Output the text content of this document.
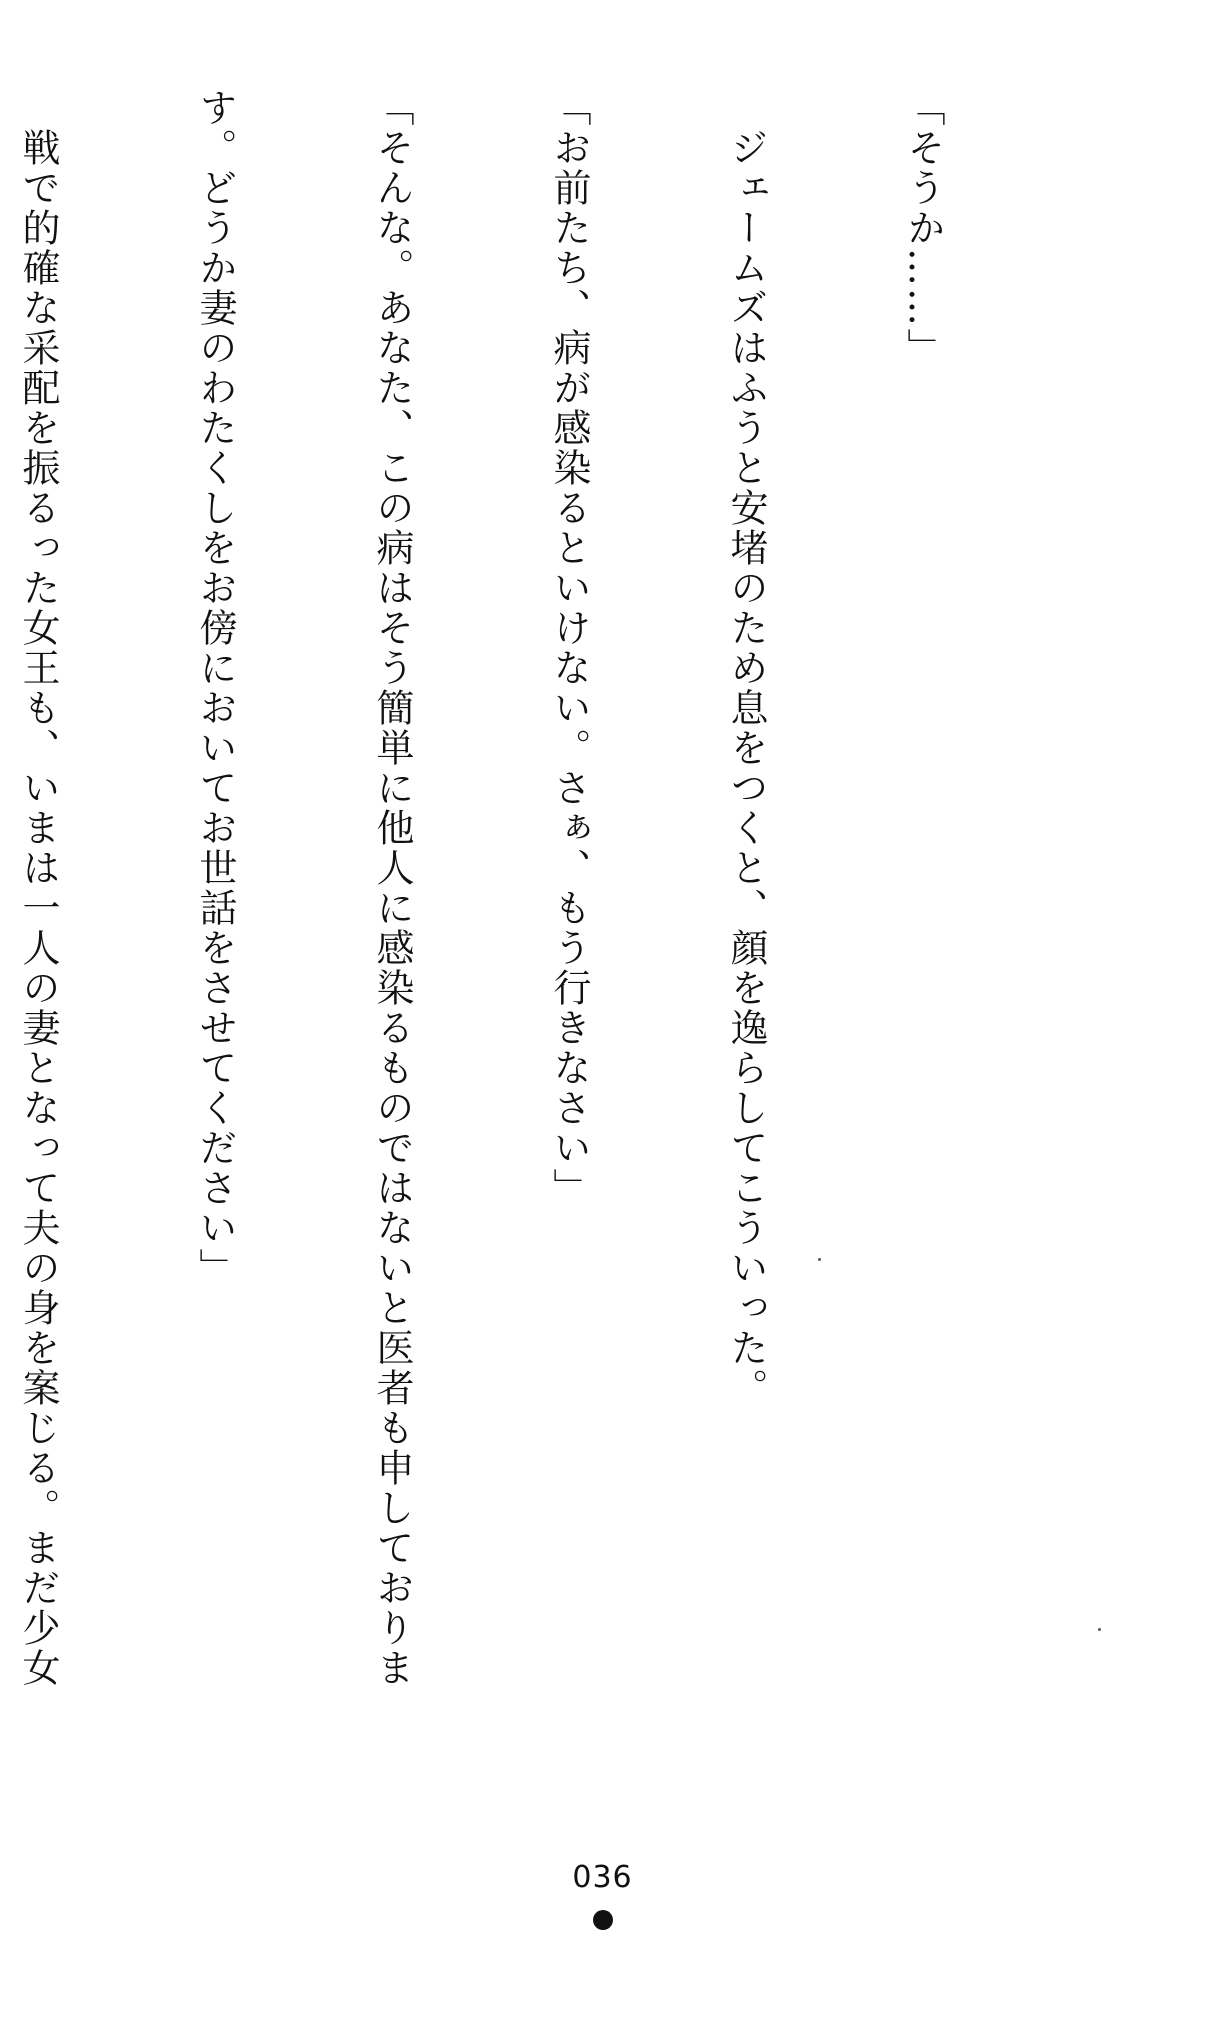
「そうか……」

ジェームズはふうと安堵のため息をつくと、顔を逸らしてこういった。

「お前たち、病が感染るといけない。さぁ、もう行きなさい」

「そんな。あなた、この病はそう簡単に他人に感染るものではないと医者も申しておりま

す。どうか妻のわたくしをお傍においてお世話をさせてください」

戦で的確な采配を振るった女王も、いまは一人の妻となって夫の身を案じる。まだ少女

036
